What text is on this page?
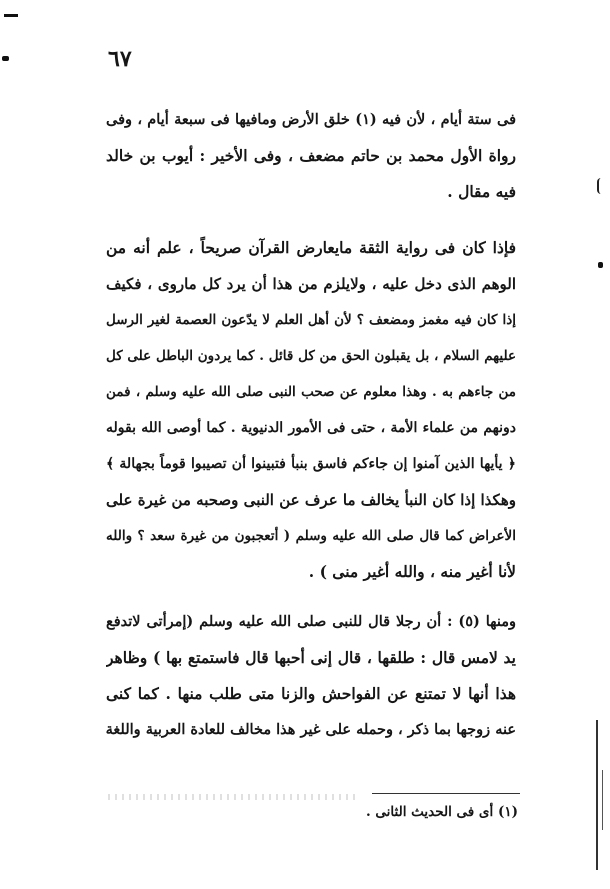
٦٧
فى ستة أيام ، لأن فيه (١) خلق الأرض ومافيها فى سبعة أيام ، وفى
رواة الأول محمد بن حاتم مضعف ، وفى الأخير : أيوب بن خالد
فيه مقال .
فإذا كان فى رواية الثقة مايعارض القرآن صريحاً ، علم أنه من
الوهم الذى دخل عليه ، ولايلزم من هذا أن يرد كل ماروى ، فكيف
إذا كان فيه مغمز ومضعف ؟ لأن أهل العلم لا يدّعون العصمة لغير الرسل
عليهم السلام ، بل يقبلون الحق من كل قائل . كما يردون الباطل على كل
من جاءهم به . وهذا معلوم عن صحب النبى صلى الله عليه وسلم ، فمن
دونهم من علماء الأمة ، حتى فى الأمور الدنيوية . كما أوصى الله بقوله
﴿ يأيها الذين آمنوا إن جاءكم فاسق بنبأ فتبينوا أن تصيبوا قوماً بجهالة ﴾
وهكذا إذا كان النبأ يخالف ما عرف عن النبى وصحبه من غيرة على
الأعراض كما قال صلى الله عليه وسلم ( أتعجبون من غيرة سعد ؟ والله
لأنا أغير منه ، والله أغير منى ) .
ومنها (٥) : أن رجلا قال للنبى صلى الله عليه وسلم (إمرأتى لاتدفع
يد لامس قال : طلقها ، قال إنى أحبها قال فاستمتع بها ) وظاهر
هذا أنها لا تمتنع عن الفواحش والزنا متى طلب منها . كما كنى
عنه زوجها بما ذكر ، وحمله على غير هذا مخالف للعادة العربية واللغة
(١) أى فى الحديث الثانى .
